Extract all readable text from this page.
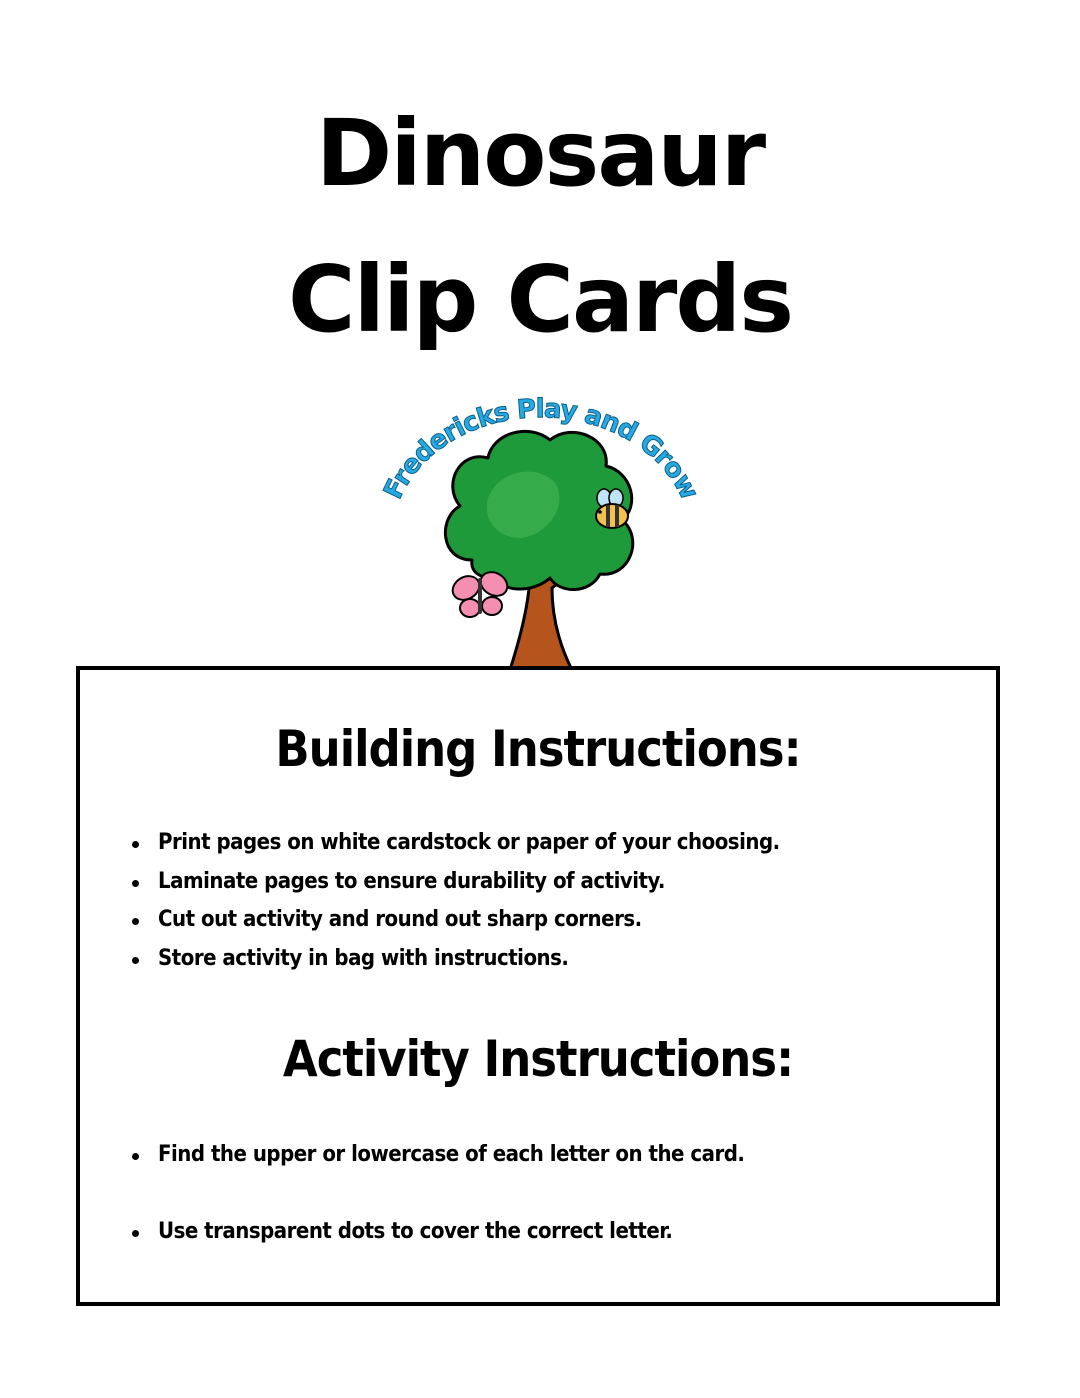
Dinosaur
Clip Cards
Fredericks Play and Grow
Building Instructions:
Print pages on white cardstock or paper of your choosing.
Laminate pages to ensure durability of activity.
Cut out activity and round out sharp corners.
Store activity in bag with instructions.
Activity Instructions:
Find the upper or lowercase of each letter on the card.
Use transparent dots to cover the correct letter.
